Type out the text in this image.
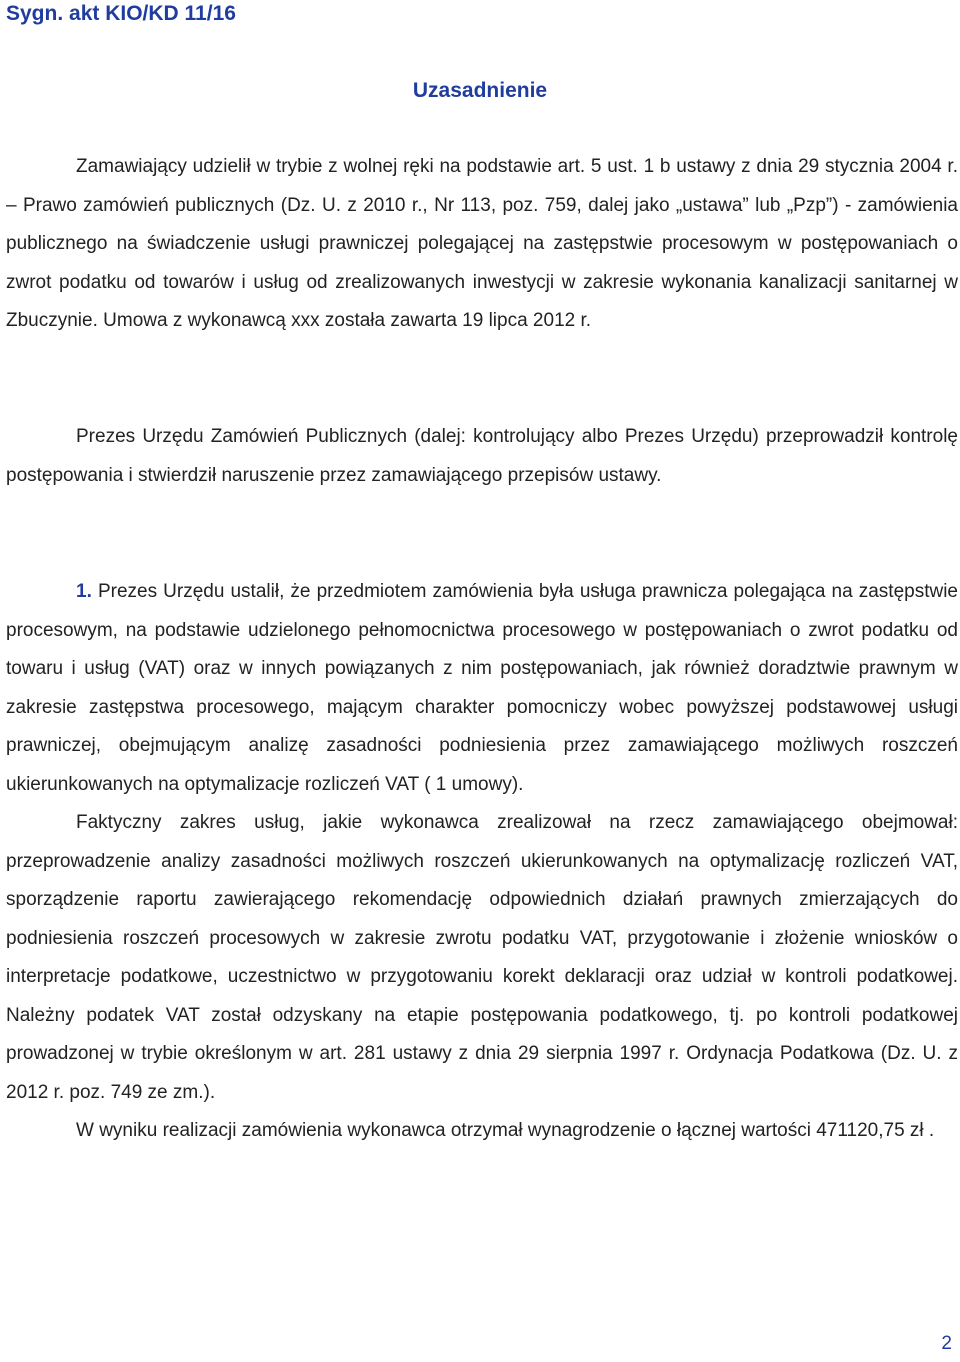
Sygn. akt KIO/KD 11/16
Uzasadnienie

Zamawiający udzielił w trybie z wolnej ręki na podstawie art. 5 ust. 1 b ustawy z dnia 29 stycznia 2004 r. – Prawo zamówień publicznych (Dz. U. z 2010 r., Nr 113, poz. 759, dalej jako „ustawa” lub „Pzp”) - zamówienia publicznego na świadczenie usługi prawniczej polegającej na zastępstwie procesowym w postępowaniach o zwrot podatku od towarów i usług od zrealizowanych inwestycji w zakresie wykonania kanalizacji sanitarnej w Zbuczynie. Umowa z wykonawcą xxx została zawarta 19 lipca 2012 r.

Prezes Urzędu Zamówień Publicznych (dalej: kontrolujący albo Prezes Urzędu) przeprowadził kontrolę postępowania i stwierdził naruszenie przez zamawiającego przepisów ustawy.

1. Prezes Urzędu ustalił, że przedmiotem zamówienia była usługa prawnicza polegająca na zastępstwie procesowym, na podstawie udzielonego pełnomocnictwa procesowego w postępowaniach o zwrot podatku od towaru i usług (VAT) oraz w innych powiązanych z nim postępowaniach, jak również doradztwie prawnym w zakresie zastępstwa procesowego, mającym charakter pomocniczy wobec powyższej podstawowej usługi prawniczej, obejmującym analizę zasadności podniesienia przez zamawiającego możliwych roszczeń ukierunkowanych na optymalizacje rozliczeń VAT ( 1 umowy).

Faktyczny zakres usług, jakie wykonawca zrealizował na rzecz zamawiającego obejmował: przeprowadzenie analizy zasadności możliwych roszczeń ukierunkowanych na optymalizację rozliczeń VAT, sporządzenie raportu zawierającego rekomendację odpowiednich działań prawnych zmierzających do podniesienia roszczeń procesowych w zakresie zwrotu podatku VAT, przygotowanie i złożenie wniosków o interpretacje podatkowe, uczestnictwo w przygotowaniu korekt deklaracji oraz udział w kontroli podatkowej. Należny podatek VAT został odzyskany na etapie postępowania podatkowego, tj. po kontroli podatkowej prowadzonej w trybie określonym w art. 281 ustawy z dnia 29 sierpnia 1997 r. Ordynacja Podatkowa (Dz. U. z 2012 r. poz. 749 ze zm.).

W wyniku realizacji zamówienia wykonawca otrzymał wynagrodzenie o łącznej wartości 471120,75 zł .

2
